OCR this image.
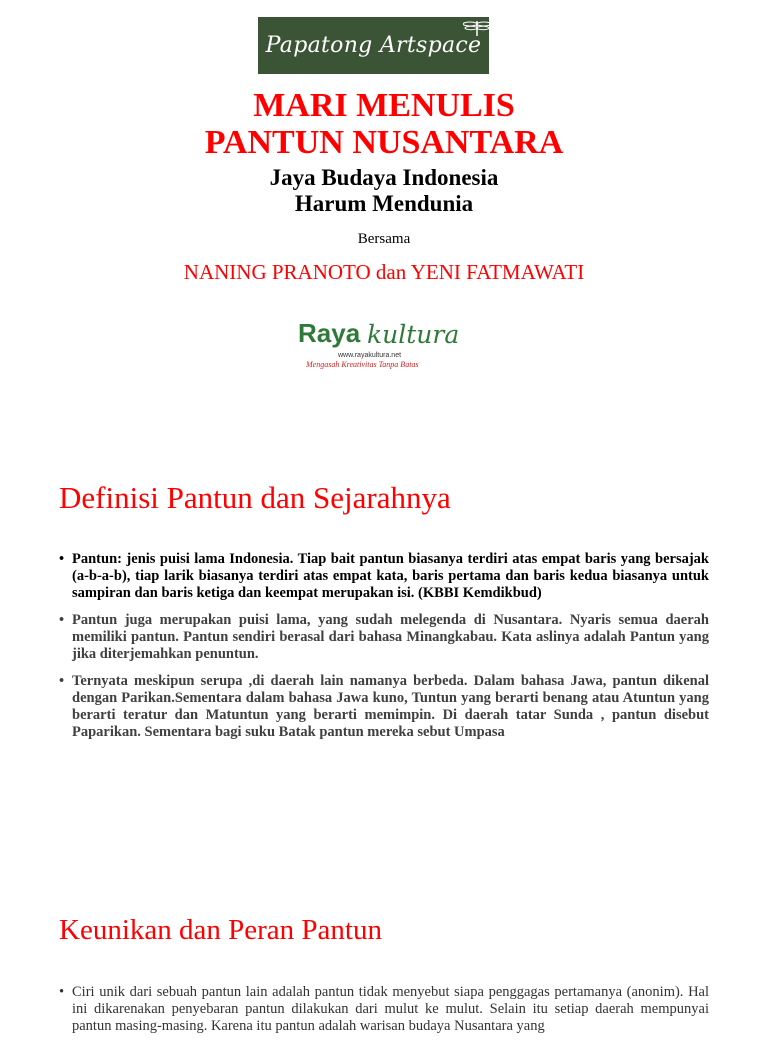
Papatong Artspace
MARI MENULIS
PANTUN NUSANTARA
Jaya Budaya Indonesia
Harum Mendunia
Bersama
NANING PRANOTO dan YENI FATMAWATI
Raya kultura
www.rayakultura.net
Mengasah Kreativitas Tanpa Batas
Definisi Pantun dan Sejarahnya
• Pantun: jenis puisi lama Indonesia. Tiap bait pantun biasanya terdiri atas empat baris yang bersajak (a-b-a-b), tiap larik biasanya terdiri atas empat kata, baris pertama dan baris kedua biasanya untuk sampiran dan baris ketiga dan keempat merupakan isi. (KBBI Kemdikbud)
• Pantun juga merupakan puisi lama, yang sudah melegenda di Nusantara. Nyaris semua daerah memiliki pantun. Pantun sendiri berasal dari bahasa Minangkabau. Kata aslinya adalah Pantun yang jika diterjemahkan penuntun.
• Ternyata meskipun serupa ,di daerah lain namanya berbeda. Dalam bahasa Jawa, pantun dikenal dengan Parikan.Sementara dalam bahasa Jawa kuno, Tuntun yang berarti benang atau Atuntun yang berarti teratur dan Matuntun yang berarti memimpin. Di daerah tatar Sunda , pantun disebut Paparikan. Sementara bagi suku Batak pantun mereka sebut Umpasa
Keunikan dan Peran Pantun
• Ciri unik dari sebuah pantun lain adalah pantun tidak menyebut siapa penggagas pertamanya (anonim). Hal ini dikarenakan penyebaran pantun dilakukan dari mulut ke mulut. Selain itu setiap daerah mempunyai pantun masing-masing. Karena itu pantun adalah warisan budaya Nusantara yang
